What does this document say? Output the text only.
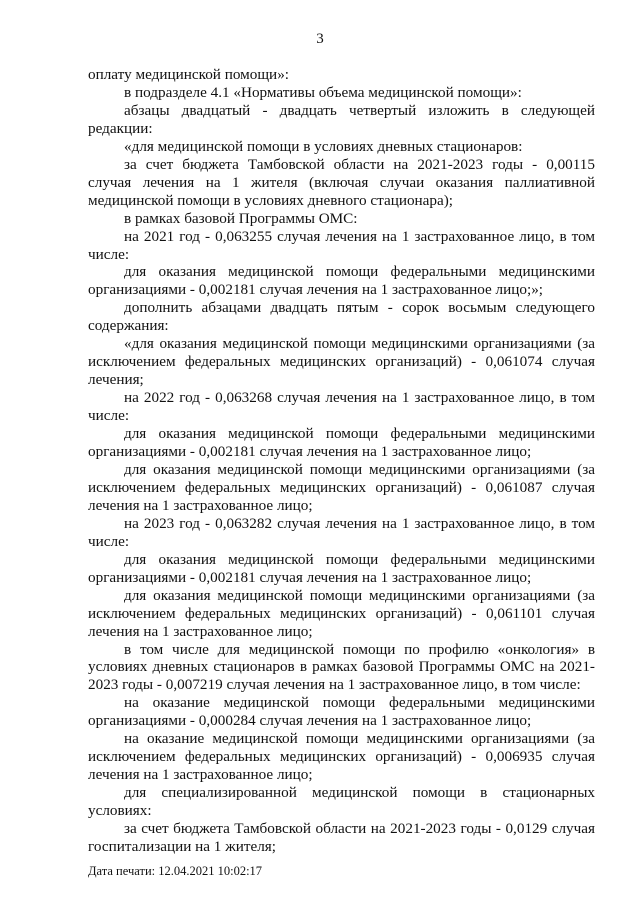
3

оплату медицинской помощи»:

в подразделе 4.1 «Нормативы объема медицинской помощи»:

абзацы двадцатый - двадцать четвертый изложить в следующей редакции:

«для медицинской помощи в условиях дневных стационаров:

за счет бюджета Тамбовской области на 2021-2023 годы - 0,00115 случая лечения на 1 жителя (включая случаи оказания паллиативной медицинской помощи в условиях дневного стационара);

в рамках базовой Программы ОМС:

на 2021 год - 0,063255 случая лечения на 1 застрахованное лицо, в том числе:

для оказания медицинской помощи федеральными медицинскими организациями - 0,002181 случая лечения на 1 застрахованное лицо;»;

дополнить абзацами двадцать пятым - сорок восьмым следующего содержания:

«для оказания медицинской помощи медицинскими организациями (за исключением федеральных медицинских организаций) - 0,061074 случая лечения;

на 2022 год - 0,063268 случая лечения на 1 застрахованное лицо, в том числе:

для оказания медицинской помощи федеральными медицинскими организациями - 0,002181 случая лечения на 1 застрахованное лицо;

для оказания медицинской помощи медицинскими организациями (за исключением федеральных медицинских организаций) - 0,061087 случая лечения на 1 застрахованное лицо;

на 2023 год - 0,063282 случая лечения на 1 застрахованное лицо, в том числе:

для оказания медицинской помощи федеральными медицинскими организациями - 0,002181 случая лечения на 1 застрахованное лицо;

для оказания медицинской помощи медицинскими организациями (за исключением федеральных медицинских организаций) - 0,061101 случая лечения на 1 застрахованное лицо;

в том числе для медицинской помощи по профилю «онкология» в условиях дневных стационаров в рамках базовой Программы ОМС на 2021-2023 годы - 0,007219 случая лечения на 1 застрахованное лицо, в том числе:

на оказание медицинской помощи федеральными медицинскими организациями - 0,000284 случая лечения на 1 застрахованное лицо;

на оказание медицинской помощи медицинскими организациями (за исключением федеральных медицинских организаций) - 0,006935 случая лечения на 1 застрахованное лицо;

для специализированной медицинской помощи в стационарных условиях:

за счет бюджета Тамбовской области на 2021-2023 годы - 0,0129 случая госпитализации на 1 жителя;

Дата печати: 12.04.2021 10:02:17
